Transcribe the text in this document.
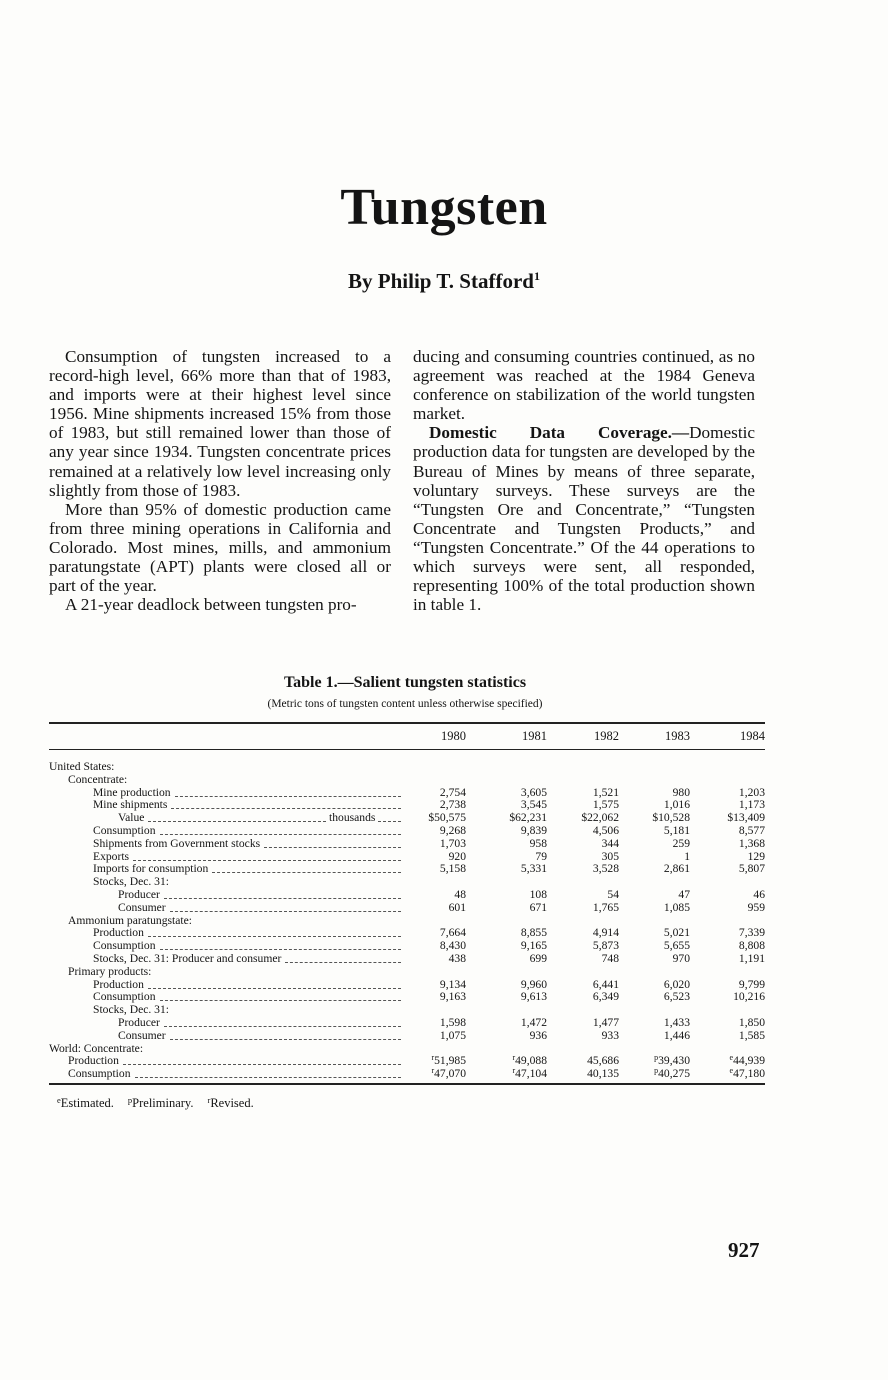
Tungsten
By Philip T. Stafford$^1$

Consumption of tungsten increased to a record-high level, 66% more than that of 1983, and imports were at their highest level since 1956. Mine shipments increased 15% from those of 1983, but still remained lower than those of any year since 1934. Tungsten concentrate prices remained at a relatively low level increasing only slightly from those of 1983.

More than 95% of domestic production came from three mining operations in California and Colorado. Most mines, mills, and ammonium paratungstate (APT) plants were closed all or part of the year.

A 21-year deadlock between tungsten pro-

ducing and consuming countries continued, as no agreement was reached at the 1984 Geneva conference on stabilization of the world tungsten market.

Domestic Data Coverage.—Domestic production data for tungsten are developed by the Bureau of Mines by means of three separate, voluntary surveys. These surveys are the “Tungsten Ore and Concentrate,” “Tungsten Concentrate and Tungsten Products,” and “Tungsten Concentrate.” Of the 44 operations to which surveys were sent, all responded, representing 100% of the total production shown in table 1.

Table 1.—Salient tungsten statistics
(Metric tons of tungsten content unless otherwise specified)
1980	1981	1982	1983	1984
United States:
Concentrate:
Mine production	2,754	3,605	1,521	980	1,203
Mine shipments	2,738	3,545	1,575	1,016	1,173
Value	thousands	$50,575	$62,231	$22,062	$10,528	$13,409
Consumption	9,268	9,839	4,506	5,181	8,577
Shipments from Government stocks	1,703	958	344	259	1,368
Exports	920	79	305	1	129
Imports for consumption	5,158	5,331	3,528	2,861	5,807
Stocks, Dec. 31:
Producer	48	108	54	47	46
Consumer	601	671	1,765	1,085	959
Ammonium paratungstate:
Production	7,664	8,855	4,914	5,021	7,339
Consumption	8,430	9,165	5,873	5,655	8,808
Stocks, Dec. 31: Producer and consumer	438	699	748	970	1,191
Primary products:
Production	9,134	9,960	6,441	6,020	9,799
Consumption	9,163	9,613	6,349	6,523	10,216
Stocks, Dec. 31:
Producer	1,598	1,472	1,477	1,433	1,850
Consumer	1,075	936	933	1,446	1,585
World: Concentrate:
Production	$^r$51,985	$^r$49,088	45,686	$^p$39,430	$^e$44,939
Consumption	$^r$47,070	$^r$47,104	40,135	$^p$40,275	$^e$47,180
$^e$Estimated. $^p$Preliminary. $^r$Revised.
927
